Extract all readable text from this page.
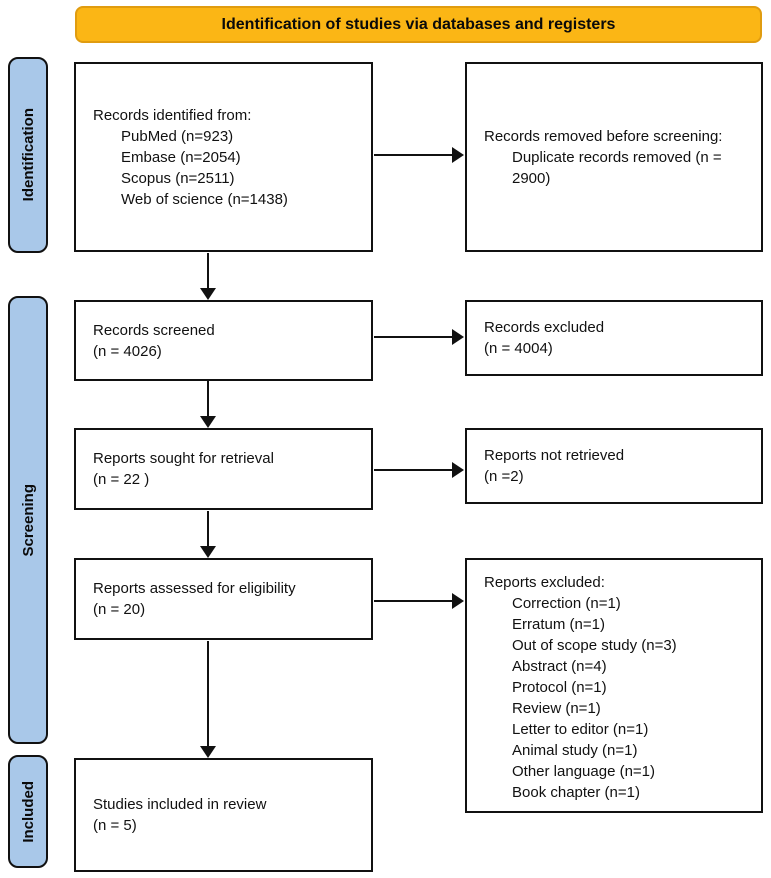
Identification of studies via databases and registers
Identification
Screening
Included
Records identified from:
PubMed (n=923)
Embase (n=2054)
Scopus (n=2511)
Web of science (n=1438)
Records removed before screening:
Duplicate records removed (n = 2900)
Records screened
(n = 4026)
Records excluded
(n = 4004)
Reports sought for retrieval
(n = 22 )
Reports not retrieved
(n =2)
Reports assessed for eligibility
(n = 20)
Reports excluded:
Correction (n=1)
Erratum (n=1)
Out of scope study (n=3)
Abstract (n=4)
Protocol (n=1)
Review (n=1)
Letter to editor (n=1)
Animal study (n=1)
Other language (n=1)
Book chapter (n=1)
Studies included in review
(n = 5)
